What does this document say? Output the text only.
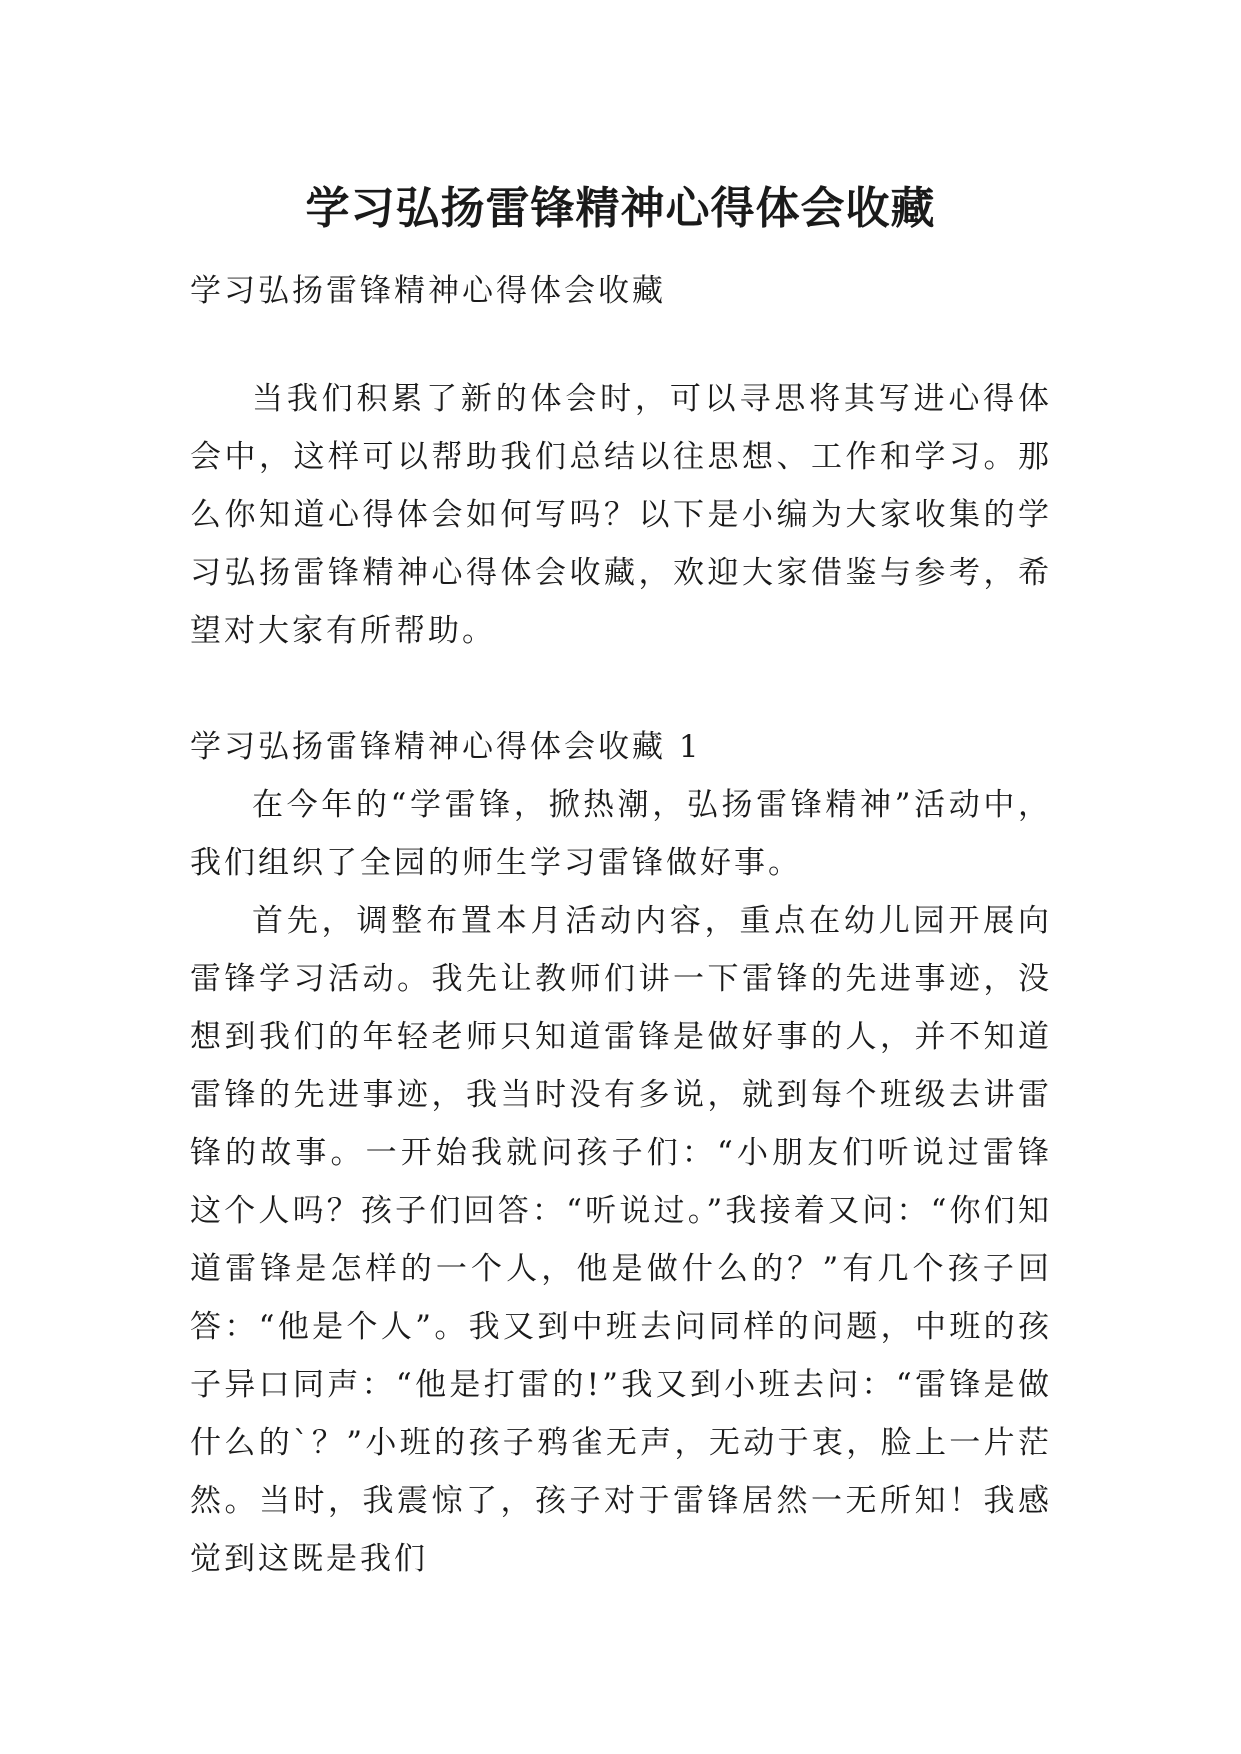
学习弘扬雷锋精神心得体会收藏

学习弘扬雷锋精神心得体会收藏

当我们积累了新的体会时，可以寻思将其写进心得体会中，这样可以帮助我们总结以往思想、工作和学习。那么你知道心得体会如何写吗？以下是小编为大家收集的学习弘扬雷锋精神心得体会收藏，欢迎大家借鉴与参考，希望对大家有所帮助。

学习弘扬雷锋精神心得体会收藏 1

在今年的“学雷锋，掀热潮，弘扬雷锋精神”活动中，我们组织了全园的师生学习雷锋做好事。

首先，调整布置本月活动内容，重点在幼儿园开展向雷锋学习活动。我先让教师们讲一下雷锋的先进事迹，没想到我们的年轻老师只知道雷锋是做好事的人，并不知道雷锋的先进事迹，我当时没有多说，就到每个班级去讲雷锋的故事。一开始我就问孩子们：“小朋友们听说过雷锋这个人吗？孩子们回答：“听说过。”我接着又问：“你们知道雷锋是怎样的一个人，他是做什么的？”有几个孩子回答：“他是个人”。我又到中班去问同样的问题，中班的孩子异口同声：“他是打雷的!”我又到小班去问：“雷锋是做什么的`？”小班的孩子鸦雀无声，无动于衷，脸上一片茫然。当时，我震惊了，孩子对于雷锋居然一无所知！我感觉到这既是我们
